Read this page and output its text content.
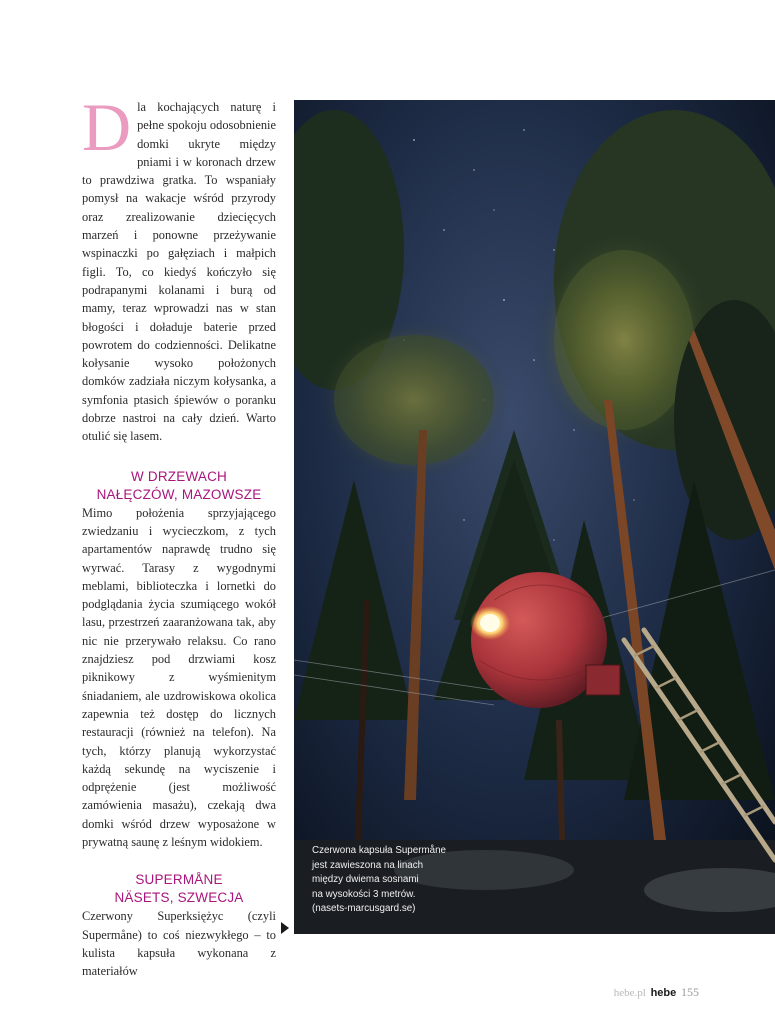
Dla kochających naturę i pełne spokoju odosobnienie domki ukryte między pniami i w koronach drzew to prawdziwa gratka. To wspaniały pomysł na wakacje wśród przyrody oraz zrealizowanie dziecięcych marzeń i ponowne przeżywanie wspinaczki po gałęziach i małpich figli. To, co kiedyś kończyło się podrapanymi kolanami i burą od mamy, teraz wprowadzi nas w stan błogości i doładuje baterie przed powrotem do codzienności. Delikatne kołysanie wysoko położonych domków zadziała niczym kołysanka, a symfonia ptasich śpiewów o poranku dobrze nastroi na cały dzień. Warto otulić się lasem.

W DRZEWACH
NAŁĘCZÓW, MAZOWSZE

Mimo położenia sprzyjającego zwiedzaniu i wycieczkom, z tych apartamentów naprawdę trudno się wyrwać. Tarasy z wygodnymi meblami, biblioteczka i lornetki do podglądania życia szumiącego wokół lasu, przestrzeń zaaranżowana tak, aby nic nie przerywało relaksu. Co rano znajdziesz pod drzwiami kosz piknikowy z wyśmienitym śniadaniem, ale uzdrowiskowa okolica zapewnia też dostęp do licznych restauracji (również na telefon). Na tych, którzy planują wykorzystać każdą sekundę na wyciszenie i odprężenie (jest możliwość zamówienia masażu), czekają dwa domki wśród drzew wyposażone w prywatną saunę z leśnym widokiem.

SUPERMÅNE
NÄSETS, SZWECJA

Czerwony Superksiężyc (czyli Supermåne) to coś niezwykłego – to kulista kapsuła wykonana z materiałów

Czerwona kapsuła Supermåne
jest zawieszona na linach
między dwiema sosnami
na wysokości 3 metrów.
(nasets-marcusgard.se)
hebe.pl hebe 155
